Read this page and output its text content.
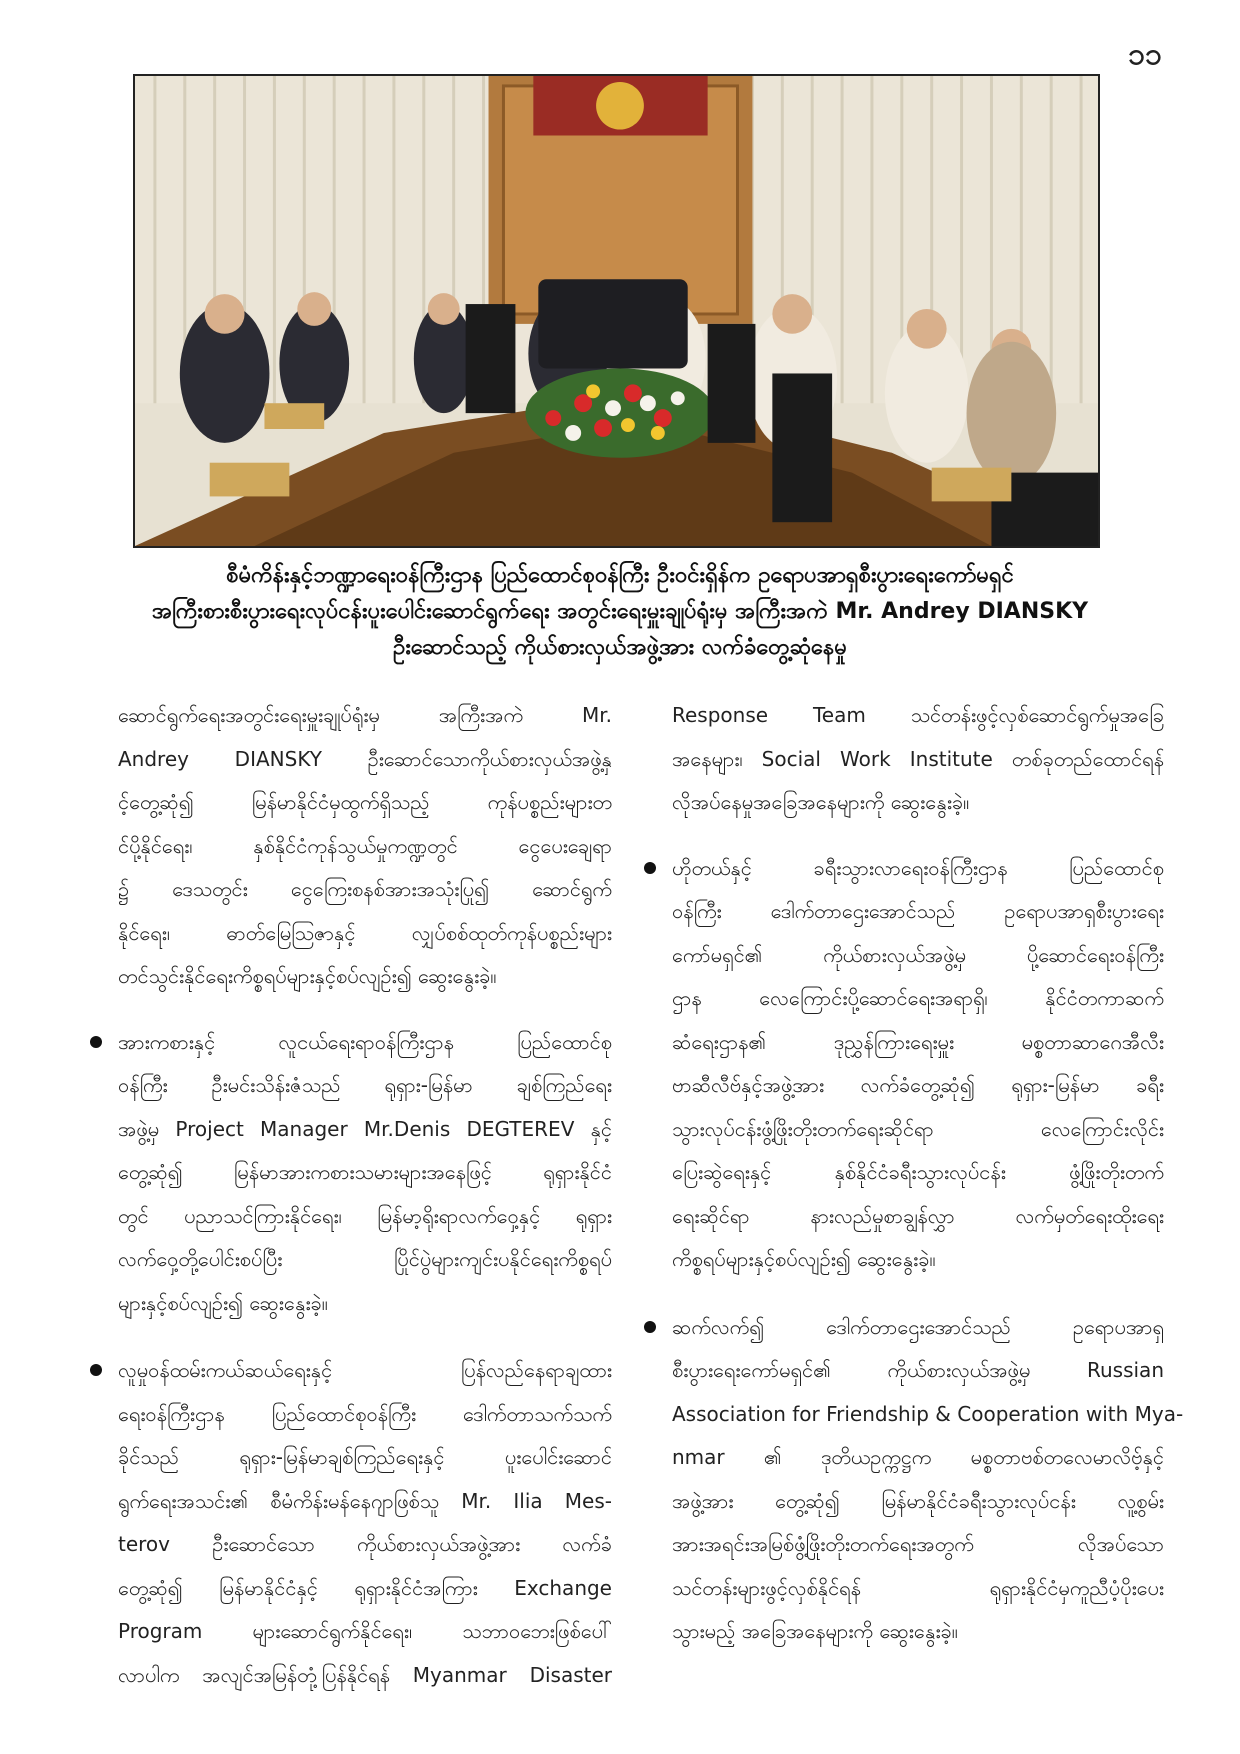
၁၁
စီမံကိန်းနှင့်ဘဏ္ဍာရေးဝန်ကြီးဌာန ပြည်ထောင်စုဝန်ကြီး ဦးဝင်းရှိန်က ဥရောပအာရှစီးပွားရေးကော်မရှင်
အကြီးစားစီးပွားရေးလုပ်ငန်းပူးပေါင်းဆောင်ရွက်ရေး အတွင်းရေးမှူးချုပ်ရုံးမှ အကြီးအကဲ Mr. Andrey DIANSKY
ဦးဆောင်သည့် ကိုယ်စားလှယ်အဖွဲ့အား လက်ခံတွေ့ဆုံနေမှု
ဆောင်ရွက်ရေးအတွင်းရေးမှူးချုပ်ရုံးမှ အကြီးအကဲ Mr.
Andrey DIANSKY ဦးဆောင်သောကိုယ်စားလှယ်အဖွဲ့နှ
င့်တွေ့ဆုံ၍ မြန်မာနိုင်ငံမှထွက်ရှိသည့် ကုန်ပစ္စည်းများတ
င်ပို့နိုင်ရေး၊ နှစ်နိုင်ငံကုန်သွယ်မှုကဏ္ဍတွင် ငွေပေးချေရာ
၌ ဒေသတွင်း ငွေကြေးစနစ်အားအသုံးပြု၍ ဆောင်ရွက်
နိုင်ရေး၊ ဓာတ်မြေသြဇာနှင့် လျှပ်စစ်ထုတ်ကုန်ပစ္စည်းများ
တင်သွင်းနိုင်ရေးကိစ္စရပ်များနှင့်စပ်လျဉ်း၍ ဆွေးနွေးခဲ့။
အားကစားနှင့် လူငယ်ရေးရာဝန်ကြီးဌာန ပြည်ထောင်စု
ဝန်ကြီး ဦးမင်းသိန်းဇံသည် ရုရှား-မြန်မာ ချစ်ကြည်ရေး
အဖွဲ့မှ Project Manager Mr.Denis DEGTEREV နှင့်
တွေ့ဆုံ၍ မြန်မာအားကစားသမားများအနေဖြင့် ရုရှားနိုင်ငံ
တွင် ပညာသင်ကြားနိုင်ရေး၊ မြန်မာ့ရိုးရာလက်ဝှေ့နှင့် ရုရှား
လက်ဝှေ့တို့ပေါင်းစပ်ပြီး ပြိုင်ပွဲများကျင်းပနိုင်ရေးကိစ္စရပ်
များနှင့်စပ်လျဉ်း၍ ဆွေးနွေးခဲ့။
လူမှုဝန်ထမ်းကယ်ဆယ်ရေးနှင့် ပြန်လည်နေရာချထား
ရေးဝန်ကြီးဌာန ပြည်ထောင်စုဝန်ကြီး ဒေါက်တာသက်သက်
ခိုင်သည် ရုရှား-မြန်မာချစ်ကြည်ရေးနှင့် ပူးပေါင်းဆောင်
ရွက်ရေးအသင်း၏ စီမံကိန်းမန်နေဂျာဖြစ်သူ Mr. Ilia Mes-
terov ဦးဆောင်သော ကိုယ်စားလှယ်အဖွဲ့အား လက်ခံ
တွေ့ဆုံ၍ မြန်မာနိုင်ငံနှင့် ရုရှားနိုင်ငံအကြား Exchange
Program များဆောင်ရွက်နိုင်ရေး၊ သဘာဝဘေးဖြစ်ပေါ်
လာပါက အလျင်အမြန်တုံ့ပြန်နိုင်ရန် Myanmar Disaster
Response Team သင်တန်းဖွင့်လှစ်ဆောင်ရွက်မှုအခြေ
အနေများ၊ Social Work Institute တစ်ခုတည်ထောင်ရန်
လိုအပ်နေမှုအခြေအနေများကို ဆွေးနွေးခဲ့။
ဟိုတယ်နှင့် ခရီးသွားလာရေးဝန်ကြီးဌာန ပြည်ထောင်စု
ဝန်ကြီး ဒေါက်တာဌေးအောင်သည် ဥရောပအာရှစီးပွားရေး
ကော်မရှင်၏ ကိုယ်စားလှယ်အဖွဲ့မှ ပို့ဆောင်ရေးဝန်ကြီး
ဌာန လေကြောင်းပို့ဆောင်ရေးအရာရှိ၊ နိုင်ငံတကာဆက်
ဆံရေးဌာန၏ ဒုညွှန်ကြားရေးမှူး မစ္စတာဆာဂေအီလီး
ဗာဆီလီဗ်နှင့်အဖွဲ့အား လက်ခံတွေ့ဆုံ၍ ရုရှား-မြန်မာ ခရီး
သွားလုပ်ငန်းဖွံ့ဖြိုးတိုးတက်ရေးဆိုင်ရာ လေကြောင်းလိုင်း
ပြေးဆွဲရေးနှင့် နှစ်နိုင်ငံခရီးသွားလုပ်ငန်း ဖွံ့ဖြိုးတိုးတက်
ရေးဆိုင်ရာ နားလည်မှုစာချွန်လွှာ လက်မှတ်ရေးထိုးရေး
ကိစ္စရပ်များနှင့်စပ်လျဉ်း၍ ဆွေးနွေးခဲ့။
ဆက်လက်၍ ဒေါက်တာဌေးအောင်သည် ဥရောပအာရှ
စီးပွားရေးကော်မရှင်၏ ကိုယ်စားလှယ်အဖွဲ့မှ Russian
Association for Friendship & Cooperation with Mya-
nmar ၏ ဒုတိယဥက္ကဋ္ဌက မစ္စတာဗစ်တလေမာလိဗ့်နှင့်
အဖွဲ့အား တွေ့ဆုံ၍ မြန်မာနိုင်ငံခရီးသွားလုပ်ငန်း လူ့စွမ်း
အားအရင်းအမြစ်ဖွံ့ဖြိုးတိုးတက်ရေးအတွက် လိုအပ်သော
သင်တန်းများဖွင့်လှစ်နိုင်ရန် ရုရှားနိုင်ငံမှကူညီပံ့ပိုးပေး
သွားမည့် အခြေအနေများကို ဆွေးနွေးခဲ့။
